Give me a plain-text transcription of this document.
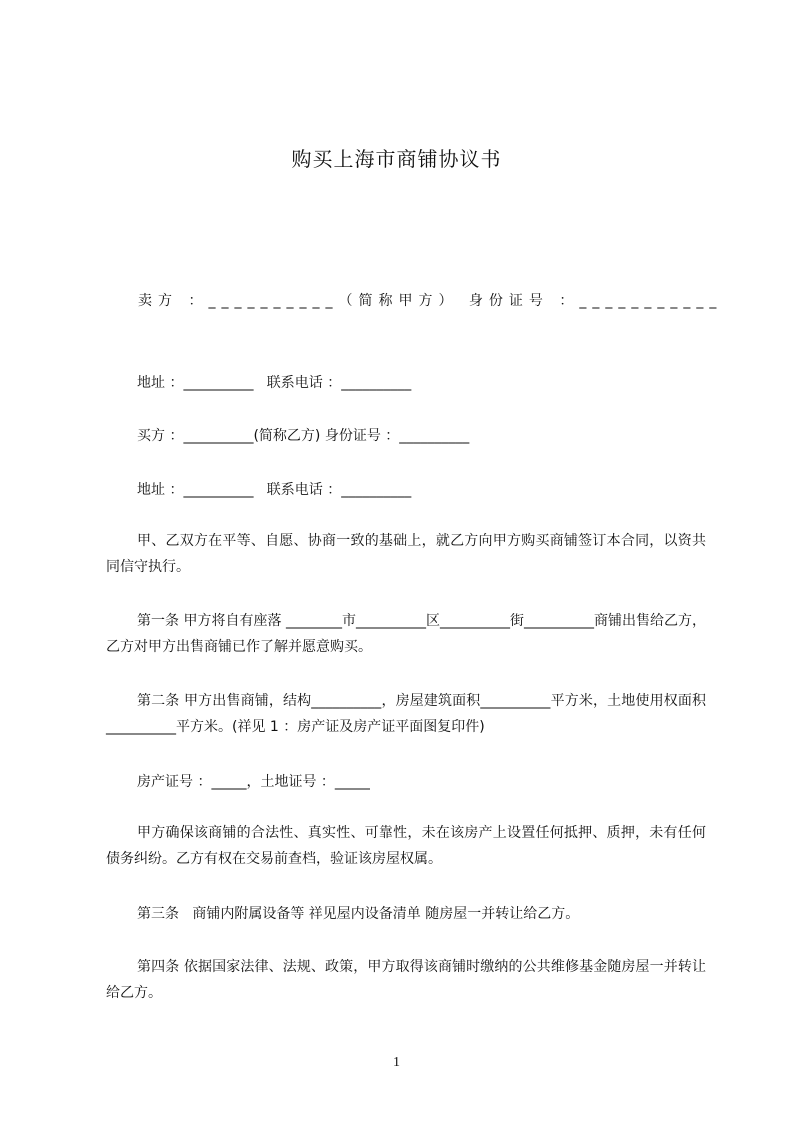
购买上海市商铺协议书
卖方 ：__________（简称甲方） 身份证号 ：___________
地址 ：__________   联系电话 ：__________
买方 ：__________(简称乙方) 身份证号 ：__________
地址 ：__________   联系电话 ：__________
甲、乙双方在平等、自愿、协商一致的基础上，就乙方向甲方购买商铺签订本合同，以资共同信守执行。
第一条 甲方将自有座落 ________市__________区__________街__________商铺出售给乙方，乙方对甲方出售商铺已作了解并愿意购买。
第二条 甲方出售商铺，结构__________，房屋建筑面积__________平方米，土地使用权面积__________平方米。(祥见 1 ：房产证及房产证平面图复印件)
房产证号 ：_____，土地证号 ：_____
甲方确保该商铺的合法性、真实性、可靠性，未在该房产上设置任何抵押、质押，未有任何债务纠纷。乙方有权在交易前查档，验证该房屋权属。
第三条   商铺内附属设备等 祥见屋内设备清单 随房屋一并转让给乙方。
第四条 依据国家法律、法规、政策，甲方取得该商铺时缴纳的公共维修基金随房屋一并转让给乙方。
1
